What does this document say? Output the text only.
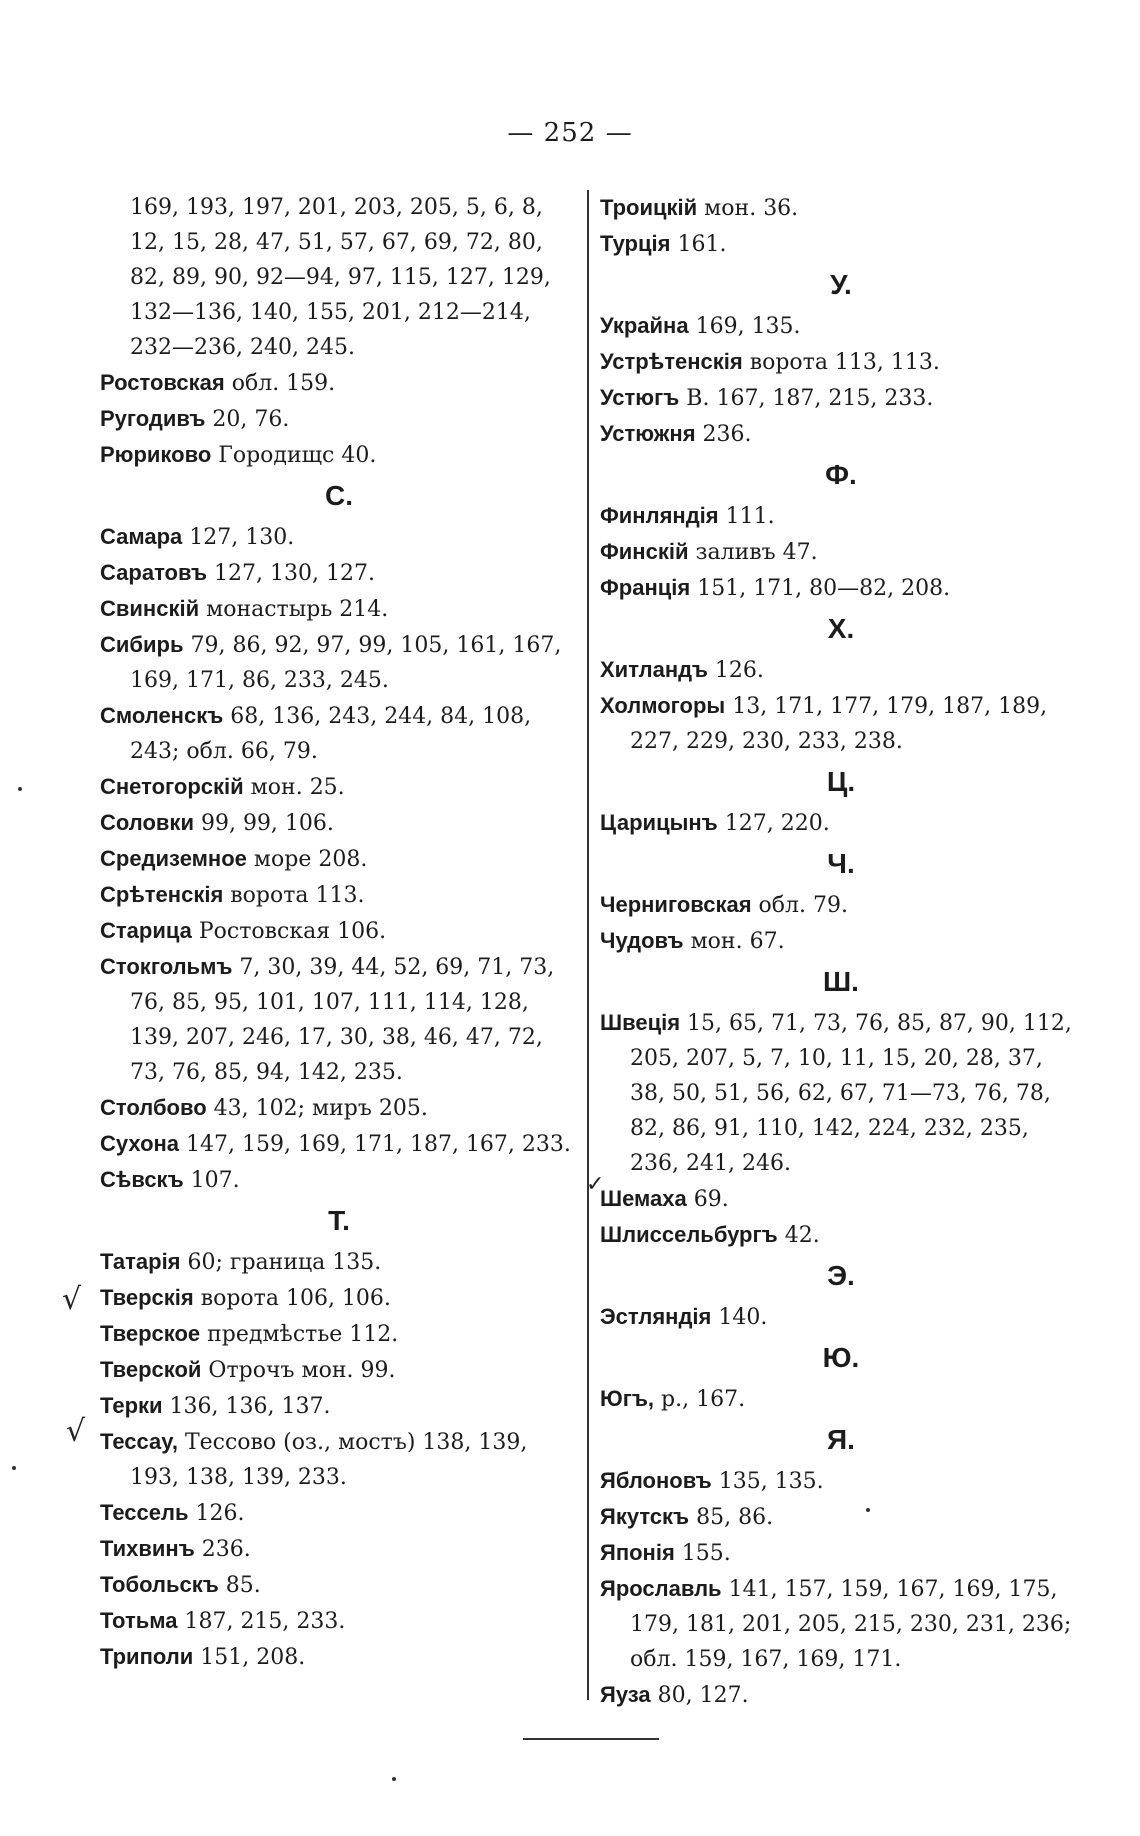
— 252 —
169, 193, 197, 201, 203, 205, 5, 6, 8, 12, 15, 28, 47, 51, 57, 67, 69, 72, 80, 82, 89, 90, 92—94, 97, 115, 127, 129, 132—136, 140, 155, 201, 212—214, 232—236, 240, 245.
Ростовская обл. 159.
Ругодивъ 20, 76.
Рюриково Городищс 40.
С.
Самара 127, 130.
Саратовъ 127, 130, 127.
Свинскій монастырь 214.
Сибирь 79, 86, 92, 97, 99, 105, 161, 167, 169, 171, 86, 233, 245.
Смоленскъ 68, 136, 243, 244, 84, 108, 243; обл. 66, 79.
Снетогорскій мон. 25.
Соловки 99, 99, 106.
Средиземное море 208.
Срѣтенскія ворота 113.
Старица Ростовская 106.
Стокгольмъ 7, 30, 39, 44, 52, 69, 71, 73, 76, 85, 95, 101, 107, 111, 114, 128, 139, 207, 246, 17, 30, 38, 46, 47, 72, 73, 76, 85, 94, 142, 235.
Столбово 43, 102; миръ 205.
Сухона 147, 159, 169, 171, 187, 167, 233.
Сѣвскъ 107.
Т.
Татарія 60; граница 135.
Тверскія ворота 106, 106.
Тверское предмѣстье 112.
Тверской Отрочъ мон. 99.
Терки 136, 136, 137.
Тессау, Тессово (оз., мостъ) 138, 139, 193, 138, 139, 233.
Тессель 126.
Тихвинъ 236.
Тобольскъ 85.
Тотьма 187, 215, 233.
Триполи 151, 208.
Троицкій мон. 36.
Турція 161.
У.
Украйна 169, 135.
Устрѣтенскія ворота 113, 113.
Устюгъ В. 167, 187, 215, 233.
Устюжня 236.
Ф.
Финляндія 111.
Финскій заливъ 47.
Франція 151, 171, 80—82, 208.
Х.
Хитландъ 126.
Холмогоры 13, 171, 177, 179, 187, 189, 227, 229, 230, 233, 238.
Ц.
Царицынъ 127, 220.
Ч.
Черниговская обл. 79.
Чудовъ мон. 67.
Ш.
Швеція 15, 65, 71, 73, 76, 85, 87, 90, 112, 205, 207, 5, 7, 10, 11, 15, 20, 28, 37, 38, 50, 51, 56, 62, 67, 71—73, 76, 78, 82, 86, 91, 110, 142, 224, 232, 235, 236, 241, 246.
Шемаха 69.
Шлиссельбургъ 42.
Э.
Эстляндія 140.
Ю.
Югъ, р., 167.
Я.
Яблоновъ 135, 135.
Якутскъ 85, 86.
Японія 155.
Ярославль 141, 157, 159, 167, 169, 175, 179, 181, 201, 205, 215, 230, 231, 236; обл. 159, 167, 169, 171.
Яуза 80, 127.
√
√
✓
